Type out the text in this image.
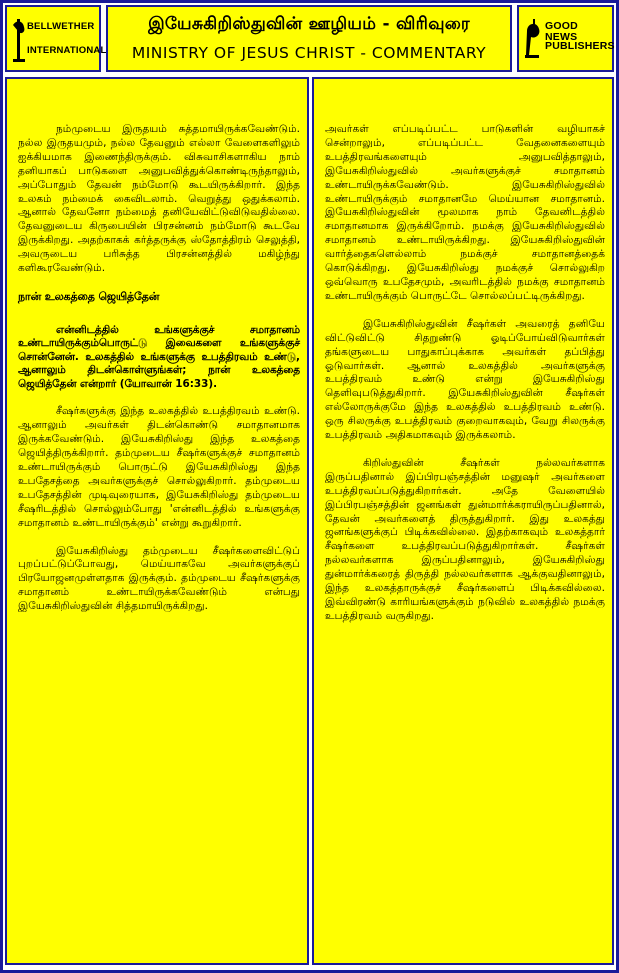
BELLWETHER
INTERNATIONAL
இயேசுகிறிஸ்துவின் ஊழியம் - விரிவுரை
MINISTRY OF JESUS CHRIST - COMMENTARY
GOOD NEWS
PUBLISHERS

நம்முடைய இருதயம் சுத்தமாயிருக்கவேண்டும். நல்ல இருதயமும், நல்ல தேவனும் எல்லா வேளைகளிலும் ஐக்கியமாக இணைந்திருக்கும். விசுவாசிகளாகிய நாம் தனியாகப் பாடுகளை அனுபவித்துக்கொண்டிருந்தாலும், அப்போதும் தேவன் நம்மோடு கூடயிருக்கிறார். இந்த உலகம் நம்மைக் கைவிடலாம். வெறுத்து ஒதுக்கலாம். ஆனால் தேவனோ நம்மைத் தனியேவிட்டுவிடுவதில்லை. தேவனுடைய கிருபையின் பிரசன்னம் நம்மோடு கூடவே இருக்கிறது. அதற்காகக் கர்த்தருக்கு ஸ்தோத்திரம் செலுத்தி, அவருடைய பரிசுத்த பிரசன்னத்தில் மகிழ்ந்து களிகூரவேண்டும்.

நான் உலகத்தை ஜெயித்தேன்

என்னிடத்தில் உங்களுக்குச் சமாதானம் உண்டாயிருக்கும்பொருட்டு இவைகளை உங்களுக்குச் சொன்னேன். உலகத்தில் உங்களுக்கு உபத்திரவம் உண்டு, ஆனாலும் திடன்கொள்ளுங்கள்; நான் உலகத்தை ஜெயித்தேன் என்றார் (யோவான் 16:33).

சீஷர்களுக்கு இந்த உலகத்தில் உபத்திரவம் உண்டு. ஆனாலும் அவர்கள் திடன்கொண்டு சமாதானமாக இருக்கவேண்டும். இயேசுகிறிஸ்து இந்த உலகத்தை ஜெயித்திருக்கிறார். தம்முடைய சீஷர்களுக்குச் சமாதானம் உண்டாயிருக்கும் பொருட்டு இயேசுகிறிஸ்து இந்த உபதேசத்தை அவர்களுக்குச் சொல்லுகிறார். தம்முடைய உபதேசத்தின் முடிவுரையாக, இயேசுகிறிஸ்து தம்முடைய சீஷரிடத்தில் சொல்லும்போது 'என்னிடத்தில் உங்களுக்கு சமாதானம் உண்டாயிருக்கும்' என்று கூறுகிறார்.

இயேசுகிறிஸ்து தம்முடைய சீஷர்களைவிட்டுப் புறப்பட்டுப்போவது, மெய்யாகவே அவர்களுக்குப் பிரயோஜனமுள்ளதாக இருக்கும். தம்முடைய சீஷர்களுக்கு சமாதானம் உண்டாயிருக்கவேண்டும் என்பது இயேசுகிறிஸ்துவின் சித்தமாயிருக்கிறது.

அவர்கள் எப்படிப்பட்ட பாடுகளின் வழியாகச் சென்றாலும், எப்படிப்பட்ட வேதனைகளையும் உபத்திரவங்களையும் அனுபவித்தாலும், இயேசுகிறிஸ்துவில் அவர்களுக்குச் சமாதானம் உண்டாயிருக்கவேண்டும். இயேசுகிறிஸ்துவில் உண்டாயிருக்கும் சமாதானமே மெய்யான சமாதானம். இயேசுகிறிஸ்துவின் மூலமாக நாம் தேவனிடத்தில் சமாதானமாக இருக்கிறோம். நமக்கு இயேசுகிறிஸ்துவில் சமாதானம் உண்டாயிருக்கிறது. இயேசுகிறிஸ்துவின் வார்த்தைகளெல்லாம் நமக்குச் சமாதானத்தைக் கொடுக்கிறது. இயேசுகிறிஸ்து நமக்குச் சொல்லுகிற ஒவ்வொரு உபதேசமும், அவரிடத்தில் நமக்கு சமாதானம் உண்டாயிருக்கும் பொருட்டே சொல்லப்பட்டிருக்கிறது.

இயேசுகிறிஸ்துவின் சீஷர்கள் அவரைத் தனியே விட்டுவிட்டு சிதறுண்டு ஓடிப்போய்விடுவார்கள் தங்களுடைய பாதுகாப்புக்காக அவர்கள் தப்பித்து ஓடுவார்கள். ஆனால் உலகத்தில் அவர்களுக்கு உபத்திரவம் உண்டு என்று இயேசுகிறிஸ்து தெளிவுபடுத்துகிறார். இயேசுகிறிஸ்துவின் சீஷர்கள் எல்லோருக்குமே இந்த உலகத்தில் உபத்திரவம் உண்டு. ஒரு சிலருக்கு உபத்திரவம் குறைவாகவும், வேறு சிலருக்கு உபத்திரவம் அதிகமாகவும் இருக்கலாம்.

கிறிஸ்துவின் சீஷர்கள் நல்லவர்களாக இருப்பதினால் இப்பிரபஞ்சத்தின் மனுஷர் அவர்களை உபத்திரவப்படுத்துகிறார்கள். அதே வேளையில் இப்பிரபஞ்சத்தின் ஜனங்கள் துன்மார்க்கராயிருப்பதினால், தேவன் அவர்களைத் திருத்துகிறார். இது உலகத்து ஜனங்களுக்குப் பிடிக்கவில்லை. இதற்காகவும் உலகத்தார் சீஷர்களை உபத்திரவப்படுத்துகிறார்கள். சீஷர்கள் நல்லவர்களாக இருப்பதினாலும், இயேசுகிறிஸ்து துன்மார்க்கரைத் திருத்தி நல்லவர்களாக ஆக்குவதினாலும், இந்த உலகத்தாருக்குச் சீஷர்களைப் பிடிக்கவில்லை. இவ்விரண்டு காரியங்களுக்கும் நடுவில் உலகத்தில் நமக்கு உபத்திரவம் வருகிறது.
